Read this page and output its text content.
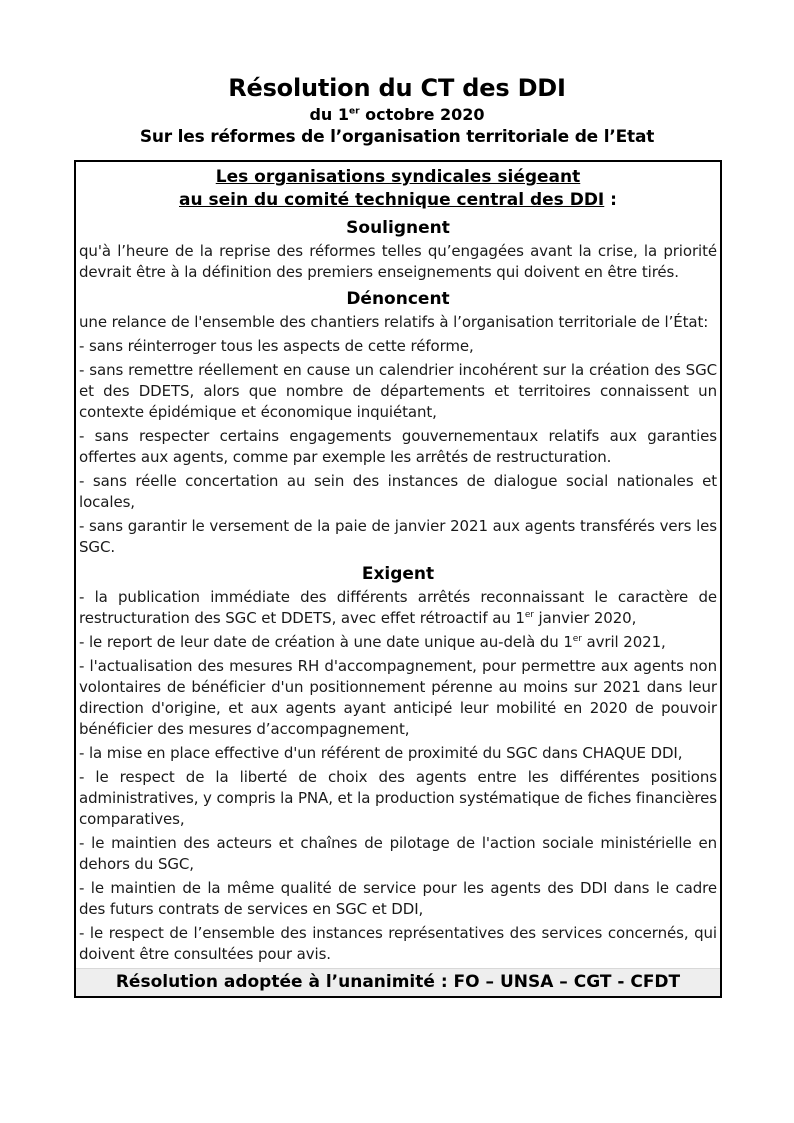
Résolution du CT des DDI
du 1er octobre 2020
Sur les réformes de l’organisation territoriale de l’Etat
Les organisations syndicales siégeant
au sein du comité technique central des DDI :
Soulignent

qu'à l’heure de la reprise des réformes telles qu’engagées avant la crise, la priorité devrait être à la définition des premiers enseignements qui doivent en être tirés.

Dénoncent

une relance de l'ensemble des chantiers relatifs à l’organisation territoriale de l’État:

- sans réinterroger tous les aspects de cette réforme,

- sans remettre réellement en cause un calendrier incohérent sur la création des SGC et des DDETS, alors que nombre de départements et territoires connaissent un contexte épidémique et économique inquiétant,

- sans respecter certains engagements gouvernementaux relatifs aux garanties offertes aux agents, comme par exemple les arrêtés de restructuration.

- sans réelle concertation au sein des instances de dialogue social nationales et locales,

- sans garantir le versement de la paie de janvier 2021 aux agents transférés vers les SGC.

Exigent

- la publication immédiate des différents arrêtés reconnaissant le caractère de restructuration des SGC et DDETS, avec effet rétroactif au 1er janvier 2020,

- le report de leur date de création à une date unique au-delà du 1er avril 2021,

- l'actualisation des mesures RH d'accompagnement, pour permettre aux agents non volontaires de bénéficier d'un positionnement pérenne au moins sur 2021 dans leur direction d'origine, et aux agents ayant anticipé leur mobilité en 2020 de pouvoir bénéficier des mesures d’accompagnement,

- la mise en place effective d'un référent de proximité du SGC dans CHAQUE DDI,

- le respect de la liberté de choix des agents entre les différentes positions administratives, y compris la PNA, et la production systématique de fiches financières comparatives,

- le maintien des acteurs et chaînes de pilotage de l'action sociale ministérielle en dehors du SGC,

- le maintien de la même qualité de service pour les agents des DDI dans le cadre des futurs contrats de services en SGC et DDI,

- le respect de l’ensemble des instances représentatives des services concernés, qui doivent être consultées pour avis.

Résolution adoptée à l’unanimité : FO – UNSA – CGT - CFDT
